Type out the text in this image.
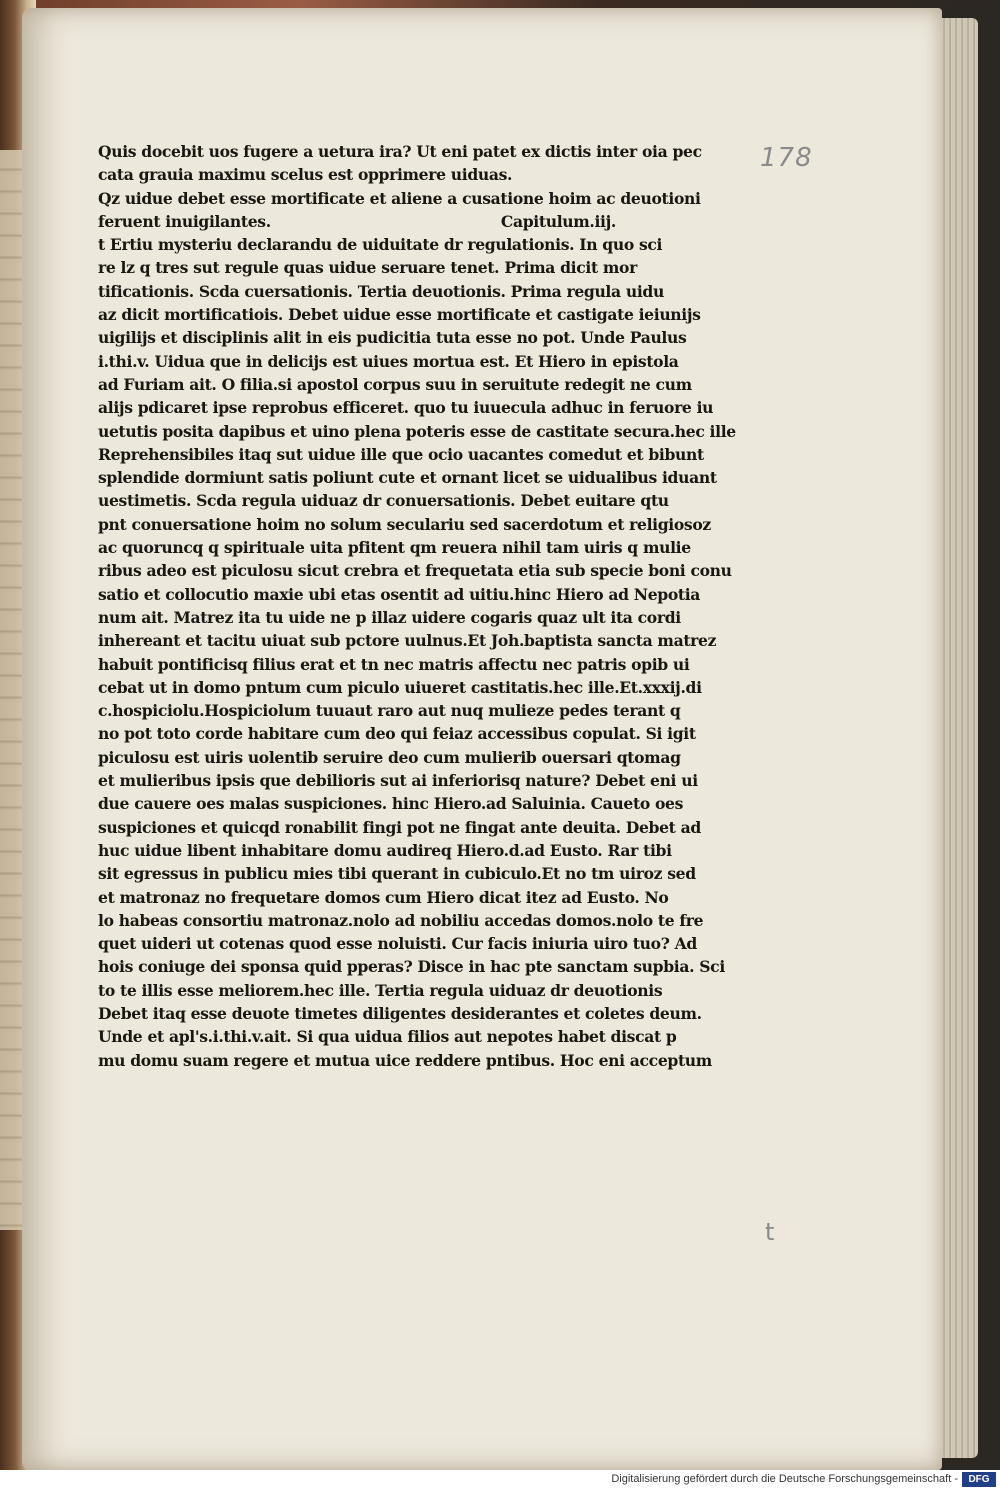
178
t
Quis docebit uos fugere a uetura ira? Ut eni patet ex dictis inter oia pec
cata grauia maximu scelus est opprimere uiduas.
Qz uidue debet esse mortificate et aliene a cusatione hoim ac deuotioni
feruent inuigilantes.	Capitulum.iij.
t Ertiu mysteriu declarandu de uiduitate dr regulationis. In quo sci
re lz q tres sut regule quas uidue seruare tenet. Prima dicit mor
tificationis. Scda cuersationis. Tertia deuotionis. Prima regula uidu
az dicit mortificatiois. Debet uidue esse mortificate et castigate ieiunijs
uigilijs et disciplinis alit in eis pudicitia tuta esse no pot. Unde Paulus
i.thi.v. Uidua que in delicijs est uiues mortua est. Et Hiero in epistola
ad Furiam ait. O filia.si apostol corpus suu in seruitute redegit ne cum
alijs pdicaret ipse reprobus efficeret. quo tu iuuecula adhuc in feruore iu
uetutis posita dapibus et uino plena poteris esse de castitate secura.hec ille
Reprehensibiles itaq sut uidue ille que ocio uacantes comedut et bibunt
splendide dormiunt satis poliunt cute et ornant licet se uidualibus iduant
uestimetis. Scda regula uiduaz dr conuersationis. Debet euitare qtu
pnt conuersatione hoim no solum seculariu sed sacerdotum et religiosoz
ac quoruncq q spirituale uita pfitent qm reuera nihil tam uiris q mulie
ribus adeo est piculosu sicut crebra et frequetata etia sub specie boni conu
satio et collocutio maxie ubi etas osentit ad uitiu.hinc Hiero ad Nepotia
num ait. Matrez ita tu uide ne p illaz uidere cogaris quaz ult ita cordi
inhereant et tacitu uiuat sub pctore uulnus.Et Joh.baptista sancta matrez
habuit pontificisq filius erat et tn nec matris affectu nec patris opib ui
cebat ut in domo pntum cum piculo uiueret castitatis.hec ille.Et.xxxij.di
c.hospiciolu.Hospiciolum tuuaut raro aut nuq mulieze pedes terant q
no pot toto corde habitare cum deo qui feiaz accessibus copulat. Si igit
piculosu est uiris uolentib seruire deo cum mulierib ouersari qtomag
et mulieribus ipsis que debilioris sut ai inferiorisq nature? Debet eni ui
due cauere oes malas suspiciones. hinc Hiero.ad Saluinia. Caueto oes
suspiciones et quicqd ronabilit fingi pot ne fingat ante deuita. Debet ad
huc uidue libent inhabitare domu audireq Hiero.d.ad Eusto. Rar tibi
sit egressus in publicu mies tibi querant in cubiculo.Et no tm uiroz sed
et matronaz no frequetare domos cum Hiero dicat itez ad Eusto. No
lo habeas consortiu matronaz.nolo ad nobiliu accedas domos.nolo te fre
quet uideri ut cotenas quod esse noluisti. Cur facis iniuria uiro tuo? Ad
hois coniuge dei sponsa quid pperas? Disce in hac pte sanctam supbia. Sci
to te illis esse meliorem.hec ille. Tertia regula uiduaz dr deuotionis
Debet itaq esse deuote timetes diligentes desiderantes et coletes deum.
Unde et apl's.i.thi.v.ait. Si qua uidua filios aut nepotes habet discat p
mu domu suam regere et mutua uice reddere pntibus. Hoc eni acceptum
Digitalisierung gefördert durch die Deutsche Forschungsgemeinschaft -	DFG
